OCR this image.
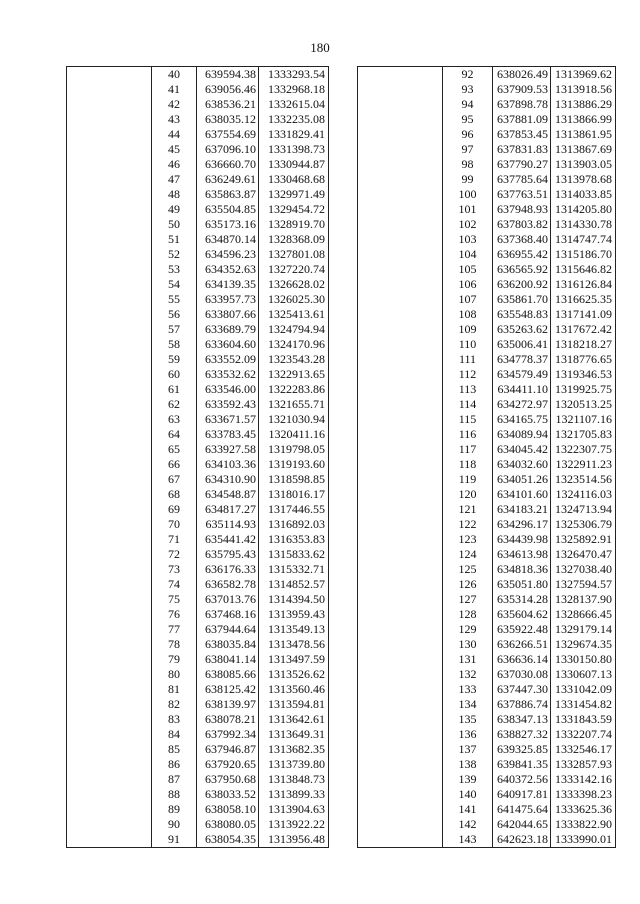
180
	40	639594.38	1333293.54
	41	639056.46	1332968.18
	42	638536.21	1332615.04
	43	638035.12	1332235.08
	44	637554.69	1331829.41
	45	637096.10	1331398.73
	46	636660.70	1330944.87
	47	636249.61	1330468.68
	48	635863.87	1329971.49
	49	635504.85	1329454.72
	50	635173.16	1328919.70
	51	634870.14	1328368.09
	52	634596.23	1327801.08
	53	634352.63	1327220.74
	54	634139.35	1326628.02
	55	633957.73	1326025.30
	56	633807.66	1325413.61
	57	633689.79	1324794.94
	58	633604.60	1324170.96
	59	633552.09	1323543.28
	60	633532.62	1322913.65
	61	633546.00	1322283.86
	62	633592.43	1321655.71
	63	633671.57	1321030.94
	64	633783.45	1320411.16
	65	633927.58	1319798.05
	66	634103.36	1319193.60
	67	634310.90	1318598.85
	68	634548.87	1318016.17
	69	634817.27	1317446.55
	70	635114.93	1316892.03
	71	635441.42	1316353.83
	72	635795.43	1315833.62
	73	636176.33	1315332.71
	74	636582.78	1314852.57
	75	637013.76	1314394.50
	76	637468.16	1313959.43
	77	637944.64	1313549.13
	78	638035.84	1313478.56
	79	638041.14	1313497.59
	80	638085.66	1313526.62
	81	638125.42	1313560.46
	82	638139.97	1313594.81
	83	638078.21	1313642.61
	84	637992.34	1313649.31
	85	637946.87	1313682.35
	86	637920.65	1313739.80
	87	637950.68	1313848.73
	88	638033.52	1313899.33
	89	638058.10	1313904.63
	90	638080.05	1313922.22
	91	638054.35	1313956.48
	92	638026.49	1313969.62
	93	637909.53	1313918.56
	94	637898.78	1313886.29
	95	637881.09	1313866.99
	96	637853.45	1313861.95
	97	637831.83	1313867.69
	98	637790.27	1313903.05
	99	637785.64	1313978.68
	100	637763.51	1314033.85
	101	637948.93	1314205.80
	102	637803.82	1314330.78
	103	637368.40	1314747.74
	104	636955.42	1315186.70
	105	636565.92	1315646.82
	106	636200.92	1316126.84
	107	635861.70	1316625.35
	108	635548.83	1317141.09
	109	635263.62	1317672.42
	110	635006.41	1318218.27
	111	634778.37	1318776.65
	112	634579.49	1319346.53
	113	634411.10	1319925.75
	114	634272.97	1320513.25
	115	634165.75	1321107.16
	116	634089.94	1321705.83
	117	634045.42	1322307.75
	118	634032.60	1322911.23
	119	634051.26	1323514.56
	120	634101.60	1324116.03
	121	634183.21	1324713.94
	122	634296.17	1325306.79
	123	634439.98	1325892.91
	124	634613.98	1326470.47
	125	634818.36	1327038.40
	126	635051.80	1327594.57
	127	635314.28	1328137.90
	128	635604.62	1328666.45
	129	635922.48	1329179.14
	130	636266.51	1329674.35
	131	636636.14	1330150.80
	132	637030.08	1330607.13
	133	637447.30	1331042.09
	134	637886.74	1331454.82
	135	638347.13	1331843.59
	136	638827.32	1332207.74
	137	639325.85	1332546.17
	138	639841.35	1332857.93
	139	640372.56	1333142.16
	140	640917.81	1333398.23
	141	641475.64	1333625.36
	142	642044.65	1333822.90
	143	642623.18	1333990.01
